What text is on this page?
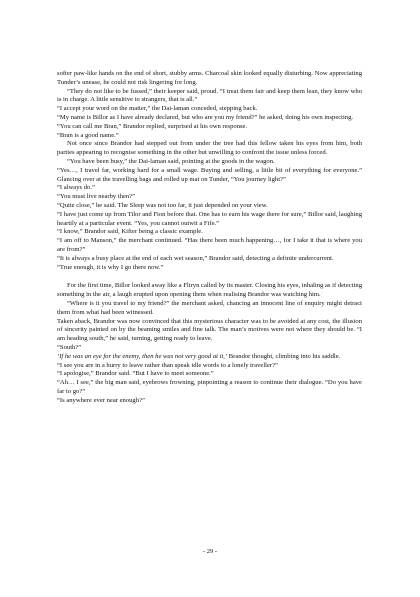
softer paw-like hands on the end of short, stubby arms. Charcoal skin looked equally disturbing. Now appreciating Tunder’s unease, he could not risk lingering for long.

“They do not like to be fussed,” their keeper said, proud. “I treat them fair and keep them lean, they know who is in charge. A little sensitive to strangers, that is all.”

“I accept your word on the matter,” the Dai-laman conceded, stepping back.

“My name is Billor as I have already declared, but who are you my friend?” he asked, doing his own inspecting.

“You can call me Bran,” Brandor replied, surprised at his own response.

“Bran is a good name.”

Not once since Brandor had stepped out from under the tree had this fellow taken his eyes from him, both parties appearing to recognise something in the other but unwilling to confront the issue unless forced.

“You have been busy,” the Dai-laman said, pointing at the goods in the wagon.

“Yes…, I travel far, working hard for a small wage. Buying and selling, a little bit of everything for everyone.” Glancing over at the travelling bags and rolled up mat on Tunder, “You journey light?”

“I always do.”

“You must live nearby then?”

“Quite close,” he said. The Sleep was not too far, it just depended on your view.

“I have just come up from Tilor and Fion before that. One has to earn his wage there for sure,” Billor said, laughing heartily at a particular event. “Yes, you cannot outwit a Fife.”

“I know,” Brandor said, Kifter being a classic example.

“I am off to Manson,” the merchant continued. “Has there been much happening…, for I take it that is where you are from?”

“It is always a busy place at the end of each wet season,” Brandor said, detecting a definite undercurrent.

“True enough, it is why I go there now.”

For the first time, Billor looked away like a Fliryn called by its master. Closing his eyes, inhaling as if detecting something in the air, a laugh erupted upon opening them when realising Brandor was watching him.

“Where is it you travel to my friend?” the merchant asked, chancing an innocent line of enquiry might detract them from what had been witnessed.

Taken aback, Brandor was now convinced that this mysterious character was to be avoided at any cost, the illusion of sincerity painted on by the beaming smiles and fine talk. The man’s motives were not where they should be. “I am heading south,” he said, turning, getting ready to leave.

“South?”

‘If he was an eye for the enemy, then he was not very good at it,’ Brandor thought, climbing into his saddle.

“I see you are in a hurry to leave rather than speak idle words to a lonely traveller?”

“I apologise,” Brandor said. “But I have to meet someone.”

“Ah… I see,” the big man said, eyebrows frowning, pinpointing a reason to continue their dialogue. “Do you have far to go?”

“Is anywhere ever near enough?”

- 29 -
